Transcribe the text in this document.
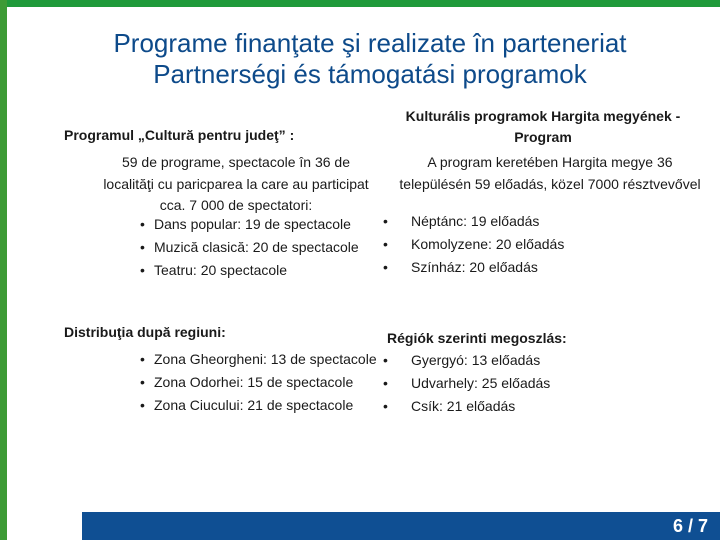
Programe finanţate şi realizate în parteneriat
Partnerségi és támogatási programok
Programul „Cultură pentru judeţ” :
59 de programe, spectacole în 36 de localităţi cu paricparea la care au participat cca. 7 000 de spectatori:
• Dans popular: 19 de spectacole
• Muzică clasică: 20 de spectacole
• Teatru: 20 spectacole
Kulturális programok Hargita megyének - Program
A program keretében Hargita megye 36 településén 59 előadás, közel 7000 résztvevővel
• Néptánc: 19 előadás
• Komolyzene: 20 előadás
• Színház: 20 előadás
Distribuţia după regiuni:
• Zona Gheorgheni: 13 de spectacole
• Zona Odorhei: 15 de spectacole
• Zona Ciucului: 21 de spectacole
Régiók szerinti megoszlás:
• Gyergyó: 13 előadás
• Udvarhely: 25 előadás
• Csík: 21 előadás
6 / 7
